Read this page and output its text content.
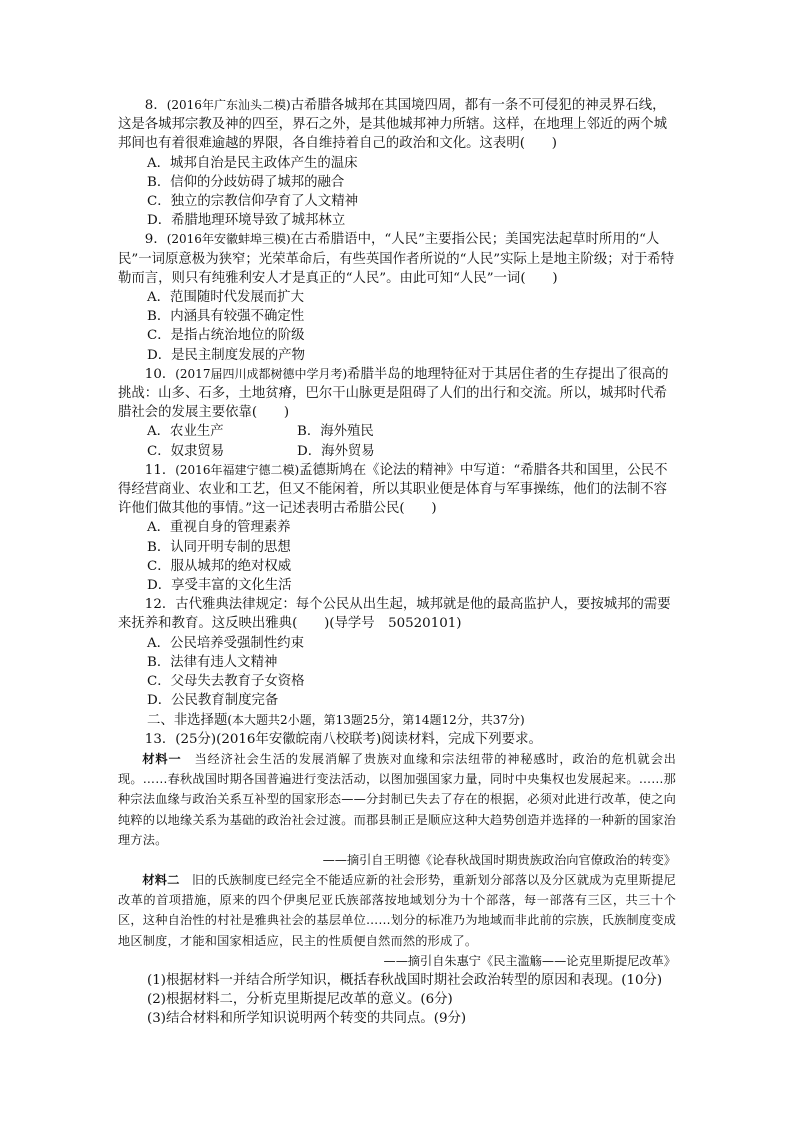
8．(2016年广东汕头二模)古希腊各城邦在其国境四周，都有一条不可侵犯的神灵界石线，这是各城邦宗教及神的四至，界石之外，是其他城邦神力所辖。这样，在地理上邻近的两个城邦间也有着很难逾越的界限，各自维持着自己的政治和文化。这表明(　　)

A．城邦自治是民主政体产生的温床

B．信仰的分歧妨碍了城邦的融合

C．独立的宗教信仰孕育了人文精神

D．希腊地理环境导致了城邦林立

9．(2016年安徽蚌埠三模)在古希腊语中，“人民”主要指公民；美国宪法起草时所用的“人民”一词原意极为狭窄；光荣革命后，有些英国作者所说的“人民”实际上是地主阶级；对于希特勒而言，则只有纯雅利安人才是真正的“人民”。由此可知“人民”一词(　　)

A．范围随时代发展而扩大

B．内涵具有较强不确定性

C．是指占统治地位的阶级

D．是民主制度发展的产物

10．(2017届四川成都树德中学月考)希腊半岛的地理特征对于其居住者的生存提出了很高的挑战：山多、石多，土地贫瘠，巴尔干山脉更是阻碍了人们的出行和交流。所以，城邦时代希腊社会的发展主要依靠(　　)

A．农业生产	B．海外殖民
C．奴隶贸易	D．海外贸易

11．(2016年福建宁德二模)孟德斯鸠在《论法的精神》中写道：“希腊各共和国里，公民不得经营商业、农业和工艺，但又不能闲着，所以其职业便是体育与军事操练，他们的法制不容许他们做其他的事情。”这一记述表明古希腊公民(　　)

A．重视自身的管理素养

B．认同开明专制的思想

C．服从城邦的绝对权威

D．享受丰富的文化生活

12．古代雅典法律规定：每个公民从出生起，城邦就是他的最高监护人，要按城邦的需要来抚养和教育。这反映出雅典(　　)(导学号　50520101)

A．公民培养受强制性约束

B．法律有违人文精神

C．父母失去教育子女资格

D．公民教育制度完备

二、非选择题(本大题共2小题，第13题25分，第14题12分，共37分)

13．(25分)(2016年安徽皖南八校联考)阅读材料，完成下列要求。

材料一　当经济社会生活的发展消解了贵族对血缘和宗法纽带的神秘感时，政治的危机就会出现。……春秋战国时期各国普遍进行变法活动，以图加强国家力量，同时中央集权也发展起来。……那种宗法血缘与政治关系互补型的国家形态——分封制已失去了存在的根据，必须对此进行改革，使之向纯粹的以地缘关系为基础的政治社会过渡。而郡县制正是顺应这种大趋势创造并选择的一种新的国家治理方法。

——摘引自王明德《论春秋战国时期贵族政治向官僚政治的转变》

材料二　旧的氏族制度已经完全不能适应新的社会形势，重新划分部落以及分区就成为克里斯提尼改革的首项措施，原来的四个伊奥尼亚氏族部落按地域划分为十个部落，每一部落有三区，共三十个区，这种自治性的村社是雅典社会的基层单位……划分的标准乃为地域而非此前的宗族，氏族制度变成地区制度，才能和国家相适应，民主的性质便自然而然的形成了。

——摘引自朱惠宁《民主滥觞——论克里斯提尼改革》

(1)根据材料一并结合所学知识，概括春秋战国时期社会政治转型的原因和表现。(10分)

(2)根据材料二，分析克里斯提尼改革的意义。(6分)

(3)结合材料和所学知识说明两个转变的共同点。(9分)
